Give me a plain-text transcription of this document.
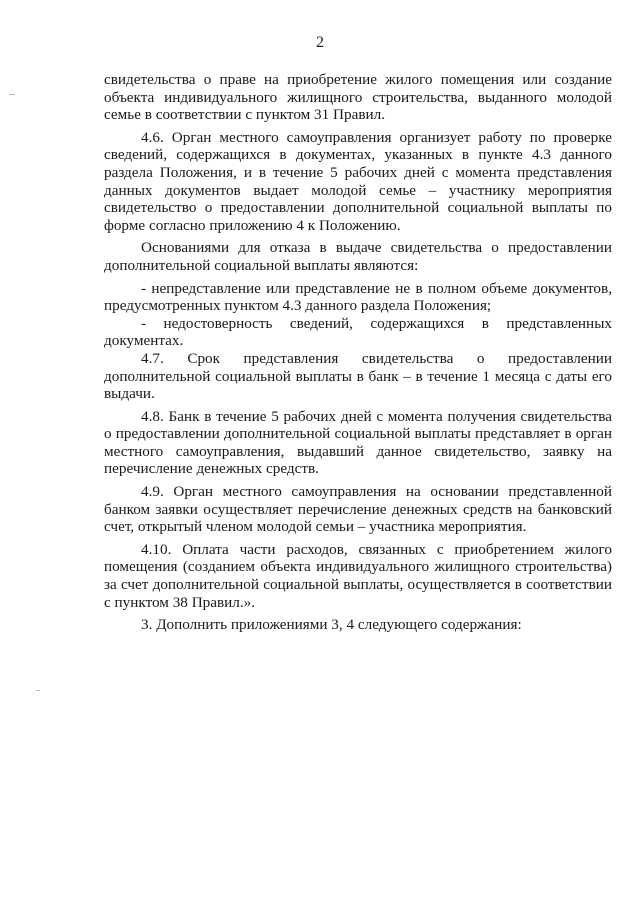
2

свидетельства о праве на приобретение жилого помещения или создание объекта индивидуального жилищного строительства, выданного молодой семье в соответствии с пунктом 31 Правил.

4.6. Орган местного самоуправления организует работу по проверке сведений, содержащихся в документах, указанных в пункте 4.3 данного раздела Положения, и в течение 5 рабочих дней с момента представления данных документов выдает молодой семье – участнику мероприятия свидетельство о предоставлении дополнительной социальной выплаты по форме согласно приложению 4 к Положению.

Основаниями для отказа в выдаче свидетельства о предоставлении дополнительной социальной выплаты являются:

- непредставление или представление не в полном объеме документов, предусмотренных пунктом 4.3 данного раздела Положения;

- недостоверность сведений, содержащихся в представленных документах.

4.7. Срок представления свидетельства о предоставлении дополнительной социальной выплаты в банк – в течение 1 месяца с даты его выдачи.

4.8. Банк в течение 5 рабочих дней с момента получения свидетельства о предоставлении дополнительной социальной выплаты представляет в орган местного самоуправления, выдавший данное свидетельство, заявку на перечисление денежных средств.

4.9. Орган местного самоуправления на основании представленной банком заявки осуществляет перечисление денежных средств на банковский счет, открытый членом молодой семьи – участника мероприятия.

4.10. Оплата части расходов, связанных с приобретением жилого помещения (созданием объекта индивидуального жилищного строительства) за счет дополнительной социальной выплаты, осуществляется в соответствии с пунктом 38 Правил.».

3. Дополнить приложениями 3, 4 следующего содержания:
